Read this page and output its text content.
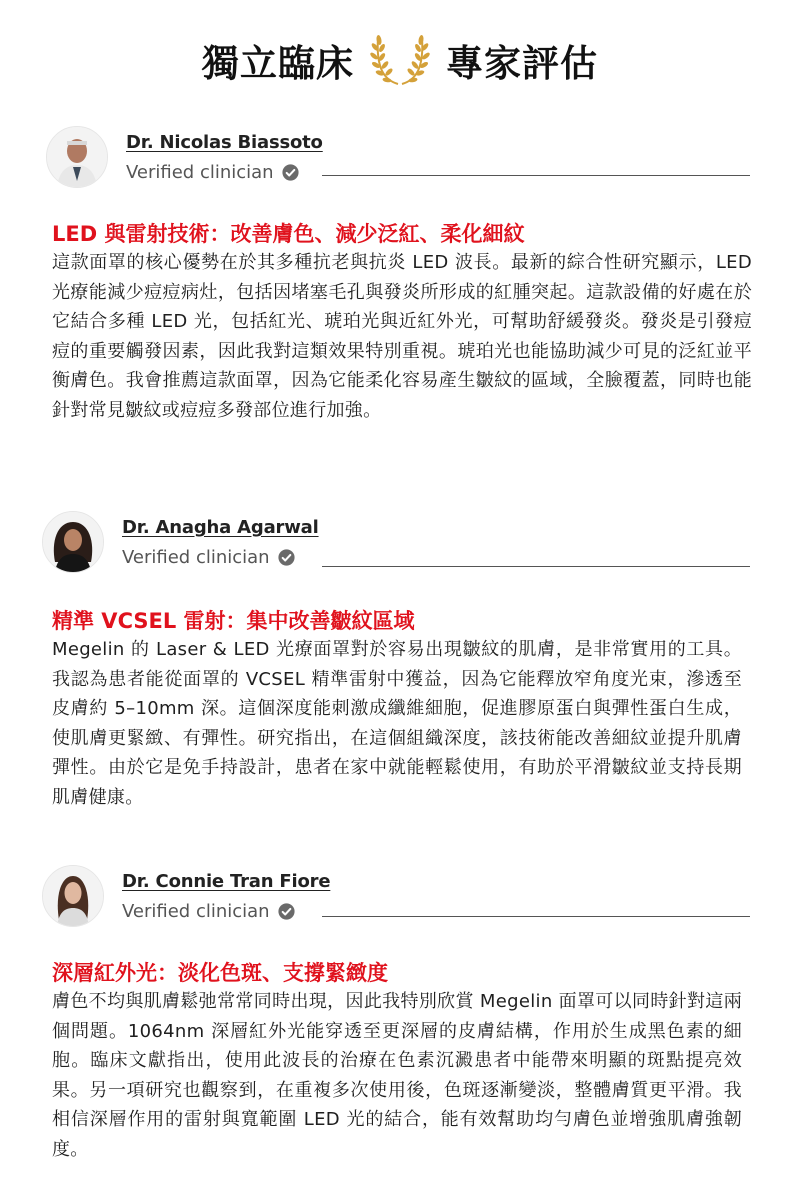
獨立臨床 專家評估
Dr. Nicolas Biassoto
Verified clinician
LED 與雷射技術：改善膚色、減少泛紅、柔化細紋

這款面罩的核心優勢在於其多種抗老與抗炎 LED 波長。最新的綜合性研究顯示，LED 光療能減少痘痘病灶，包括因堵塞毛孔與發炎所形成的紅腫突起。這款設備的好處在於它結合多種 LED 光，包括紅光、琥珀光與近紅外光，可幫助舒緩發炎。發炎是引發痘痘的重要觸發因素，因此我對這類效果特別重視。琥珀光也能協助減少可見的泛紅並平衡膚色。我會推薦這款面罩，因為它能柔化容易產生皺紋的區域，全臉覆蓋，同時也能針對常見皺紋或痘痘多發部位進行加強。

Dr. Anagha Agarwal
Verified clinician
精準 VCSEL 雷射：集中改善皺紋區域

Megelin 的 Laser & LED 光療面罩對於容易出現皺紋的肌膚，是非常實用的工具。我認為患者能從面罩的 VCSEL 精準雷射中獲益，因為它能釋放窄角度光束，滲透至皮膚約 5–10mm 深。這個深度能刺激成纖維細胞，促進膠原蛋白與彈性蛋白生成，使肌膚更緊緻、有彈性。研究指出，在這個組織深度，該技術能改善細紋並提升肌膚彈性。由於它是免手持設計，患者在家中就能輕鬆使用，有助於平滑皺紋並支持長期肌膚健康。

Dr. Connie Tran Fiore
Verified clinician
深層紅外光：淡化色斑、支撐緊緻度

膚色不均與肌膚鬆弛常常同時出現，因此我特別欣賞 Megelin 面罩可以同時針對這兩個問題。1064nm 深層紅外光能穿透至更深層的皮膚結構，作用於生成黑色素的細胞。臨床文獻指出，使用此波長的治療在色素沉澱患者中能帶來明顯的斑點提亮效果。另一項研究也觀察到，在重複多次使用後，色斑逐漸變淡，整體膚質更平滑。我相信深層作用的雷射與寬範圍 LED 光的結合，能有效幫助均勻膚色並增強肌膚強韌度。
